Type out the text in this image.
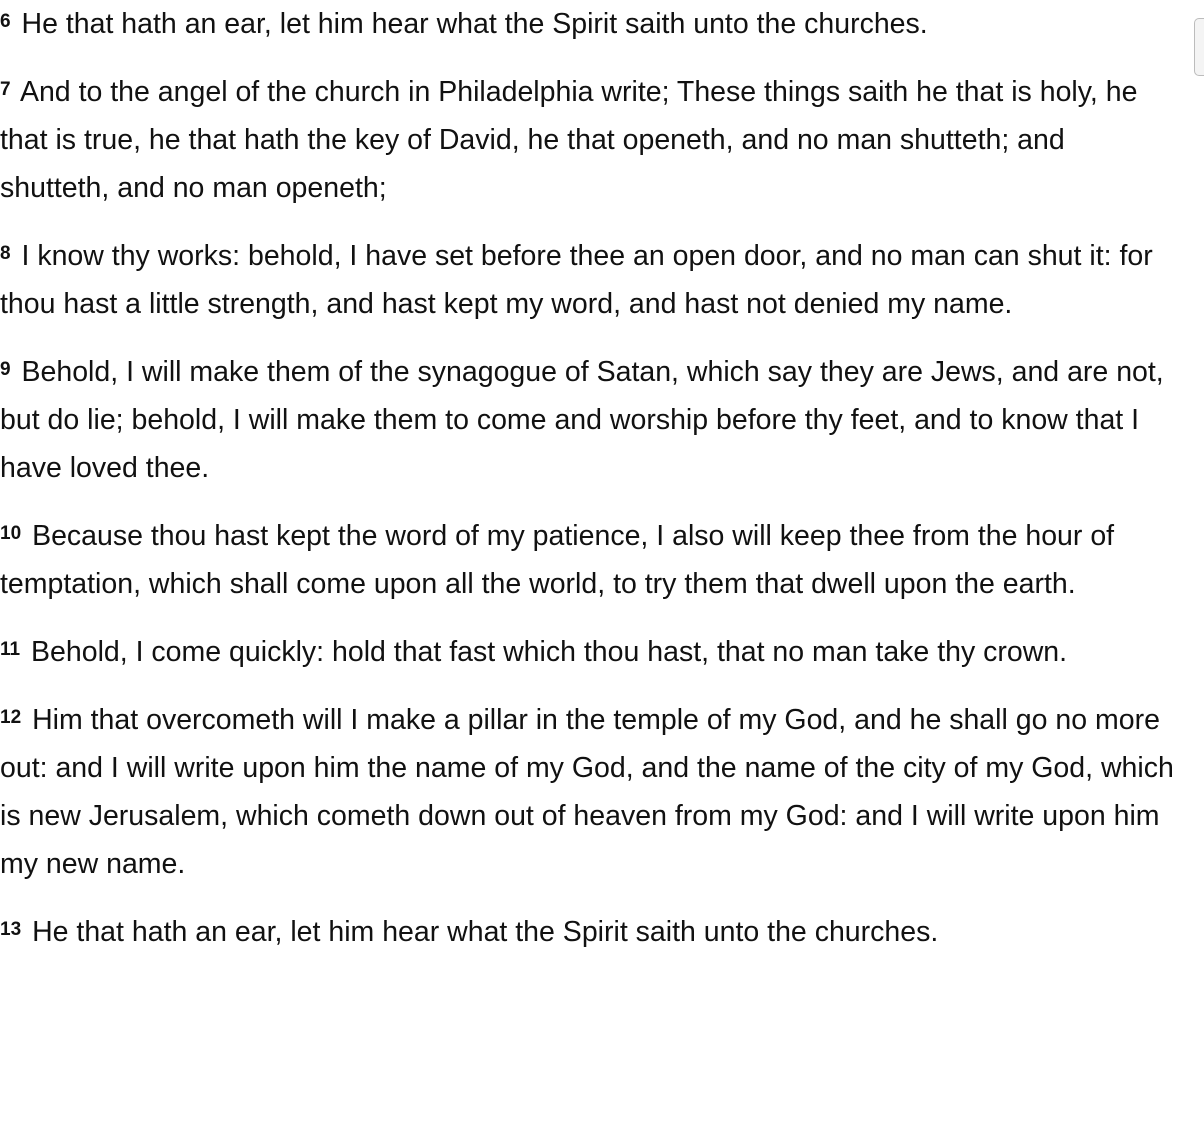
$^6$ He that hath an ear, let him hear what the Spirit saith unto the churches.

$^7$ And to the angel of the church in Philadelphia write; These things saith he that is holy, he that is true, he that hath the key of David, he that openeth, and no man shutteth; and shutteth, and no man openeth;

$^8$ I know thy works: behold, I have set before thee an open door, and no man can shut it: for thou hast a little strength, and hast kept my word, and hast not denied my name.

$^9$ Behold, I will make them of the synagogue of Satan, which say they are Jews, and are not, but do lie; behold, I will make them to come and worship before thy feet, and to know that I have loved thee.

$^{10}$ Because thou hast kept the word of my patience, I also will keep thee from the hour of temptation, which shall come upon all the world, to try them that dwell upon the earth.

$^{11}$ Behold, I come quickly: hold that fast which thou hast, that no man take thy crown.

$^{12}$ Him that overcometh will I make a pillar in the temple of my God, and he shall go no more out: and I will write upon him the name of my God, and the name of the city of my God, which is new Jerusalem, which cometh down out of heaven from my God: and I will write upon him my new name.

$^{13}$ He that hath an ear, let him hear what the Spirit saith unto the churches.
